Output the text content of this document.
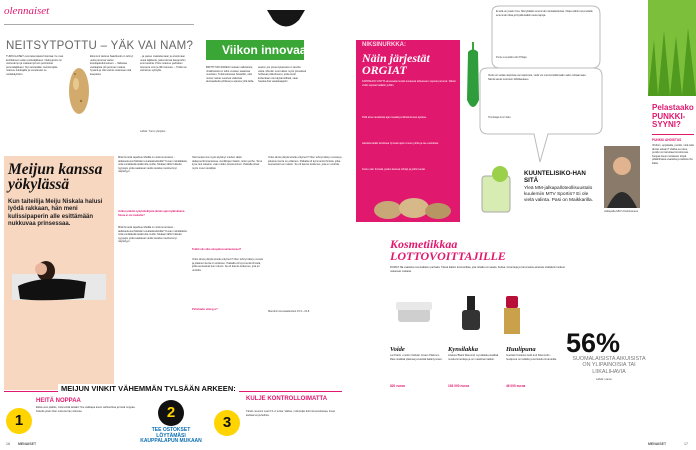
olennaiset
NEITSYTPOTTU – YÄK VAI NAM?
TURKULAISET ovat tekemässä historiaa: he ovat kehittäneet uuden pottulajikkeen. Neitsytpottu on mehevämpi ja makeampi kuin perinteiset perunalajikkeet. Nyt selvitetään, kuinka lajike maistuu kuluttajille ja soveltuuko se ruokakäyttöön.
Ekonomi Helena Saarikoski on tehnyt uutta perunaa varten kuluttajatutkimuksen. – Valtaosa vastaajista piti perunan makua hyvänä ja olisi valmis ostamaan sitä kaupasta.
...ja panee maistelemaan ja arvioimaan uusia lajikkeita, jotka tulevat kauppoihin ensi kesänä. Pottu maistuu parhaiten tuoreena voin ja tillin kanssa. – Tutkimus valmistuu syksyllä.
Lähde: Turun yliopisto
Viikon innovaatio
BRITTITUKIJOIDEN mukaan valkoisista rintaliiveistä on tullut vuosien saatossa muotiasu. Tutkimuksessa havaittiin, että nuoret naiset suosivat valkoisia alusvaatteita juhlissa ja arjessa yhtä lailla.
avuksi, jos pimennyksessä on tarvittu valoa. Muotiin ovat tulleet myös pimeässä hohtavat pikkuhousut, jotka eivät kuitenkaan ole käytännöllisiä, vaan hauska lisä vaatekaappiin.
Meijun kanssa yökylässä
Kun taiteilija Meiju Niskala halusi lyödä rakkaan, hän meni kulissipaperin alle esittämään nukkuvaa prinsessaa.
Mitä ihmettä tapahtuu Meilläi on viisinumeroisen -taidekeskussi Mäntän kuvataideviikoilla? Kuvan mäntältäviä, mitä ennättävää tietää olla muille. Mukaan lähti hulkeita tyyppejä, jotka saattavat viedä vieraita muottoonnyt näyttelyyn.
Jotkut pitävät nykytaiteilijoita tämän ajan kylähulluina. Sinua ei ole loukattu?
Mitä ihmettä tapahtuu Meilläi on viisinumeroisen -taidekeskussi Mäntän kuvataideviikoilla? Kuvan mäntältäviä, mitä ennättävää tietää olla muille. Mukaan lähti hulkeita tyyppejä, jotka saattavat viedä vieraita muottoonnyt näyttelyyn.
Olet kuulemma myös löytänyt miehen tästä taidepoerformanssissa. Avoliittojen iltaisin, sitten perhe. Tai ei kyse olut siteeksi, vaan niiden tutustuminen. Paikalla olivat myös muut vierailijat.
Teidät olis aika ulospäinsuuntautuneet?
Onko tämä yökylä sinulle erityinen? Olen tehnyt tätä jo vuosia ja jokainen kerta on erilainen. Paikalla oli kymmeniä ihmisiä, jotka seurasivat kun nukuin. Se oli kaunis kokemus, jota en unohda.
Pelottaako etäisyys?
Onko tämä yökylä sinulle erityinen? Olen tehnyt tätä jo vuosia ja jokainen kerta on erilainen. Paikalla oli kymmeniä ihmisiä, jotka seurasivat kun nukuin. Se oli kaunis kokemus, jota en unohda.
Mandinin kuvataideviikot 15.6.–31.8.
MEIJUN VINKIT VÄHEMMÄN TYLSÄÄN ARKEEN:
1
HEITÄ NOPPAA
Elävä uusi päätös, mitä tehdä tänään! Tee vaikkapa kuusi vaihtoehtoa ja heitä noppaa. Kokeile jotain ihan uutta kerran viikossa.	2
TEE OSTOKSET LÖYTÄMÄSI KAUPPALAPUN MUKAAN
3
KULJE KONTROLLOIMATTA
Tänän neuvoni ovat 0.5–2 tuntia. Valitse, mitä kuljet kohti kuunneltavaa, ilman karttaa tai puhelinta.
16 MENAISET
NIKSINURKKA:
Näin järjestät ORGIAT
KAPPAHOO UNTTA alusvaatemuotia kuvaavat aiheeseen sopivat perunat. Nämä vinkit sopivat kaikkiin juhliin.
Pidä aina vieraslista ajan tasalla ja lähetä kutsut ajoissa.
Hankita kaikki tarvittava hyvissä ajoin ennen juhlia ja tee ostoslista.
Kutsu vain ihmisiä, joiden kanssa viihdyt ja joihin luotat.
Ei että on jotain rima. Mä tykkään enemmän rankakieltuista. Ottaa silloin luovuudelle enemmän tilaa ja löytää kaikki uusia tapoja.
Punk-muusikko Aki Pihlaja
Vielä voi vetää caipirosia vai caipirosia, vielä voi mennä leikkimään vaiko tuhlaamaan. Nämä sanat ovat kuin lähtölaukaus.
Toimittaja Anni Salo
KUUNTELISIKO-HAN SITÄ
Yleä MM-jalkapalloteollisuustalo kuulemiin MTV Sportin? Ei ole vielä valinta. Pasi on Maikkarilla.
Jalkapallo-MM Urheilukanava
Kosmetiikkaa LOTTOVOITTAJILLE
RUMAT NE vaatteita ovat kaikkein parhaita. Tässä kallein kosmetiikka, jota rahalla voi saada. Kultaa, timantteja ja harvinaisia aineksia sisältävät tuotteet maksavat maltaita.
Voide
La Prairie -merkin Cellular Cream Platinum Rare sisältää platinaa ja kestää ikääntymisen.
820 euroa
Kynsilakka
Azature Black Diamond -kynsilakka sisältää mustia timantteja ja on maailman kallein.
193 000 euroa
Huulipuna
Guerlain Kisskiss Gold and Diamonds -huulipuna on kullattu ja koristeltu timanteilla.
46 000 euroa
56%
SUOMALAISISTA AIKUISISTA ON YLIPAINOISIA TAI LIIKALIHAVIA
Lähde: Lancet
Pelastaako PUNKKI-SYYNI?
PUNKKI AHDISTUS
Vihdoin, oppilaalla, punkki, mitä tulla tämän aikaan? Vaikka se tulee, punkki voi tartuttaa borrelioosia. Suojaa itsesi metsässä, käytä pitkähihaisia vaatteita ja tarkista iho illalla.
MENAISET	17
